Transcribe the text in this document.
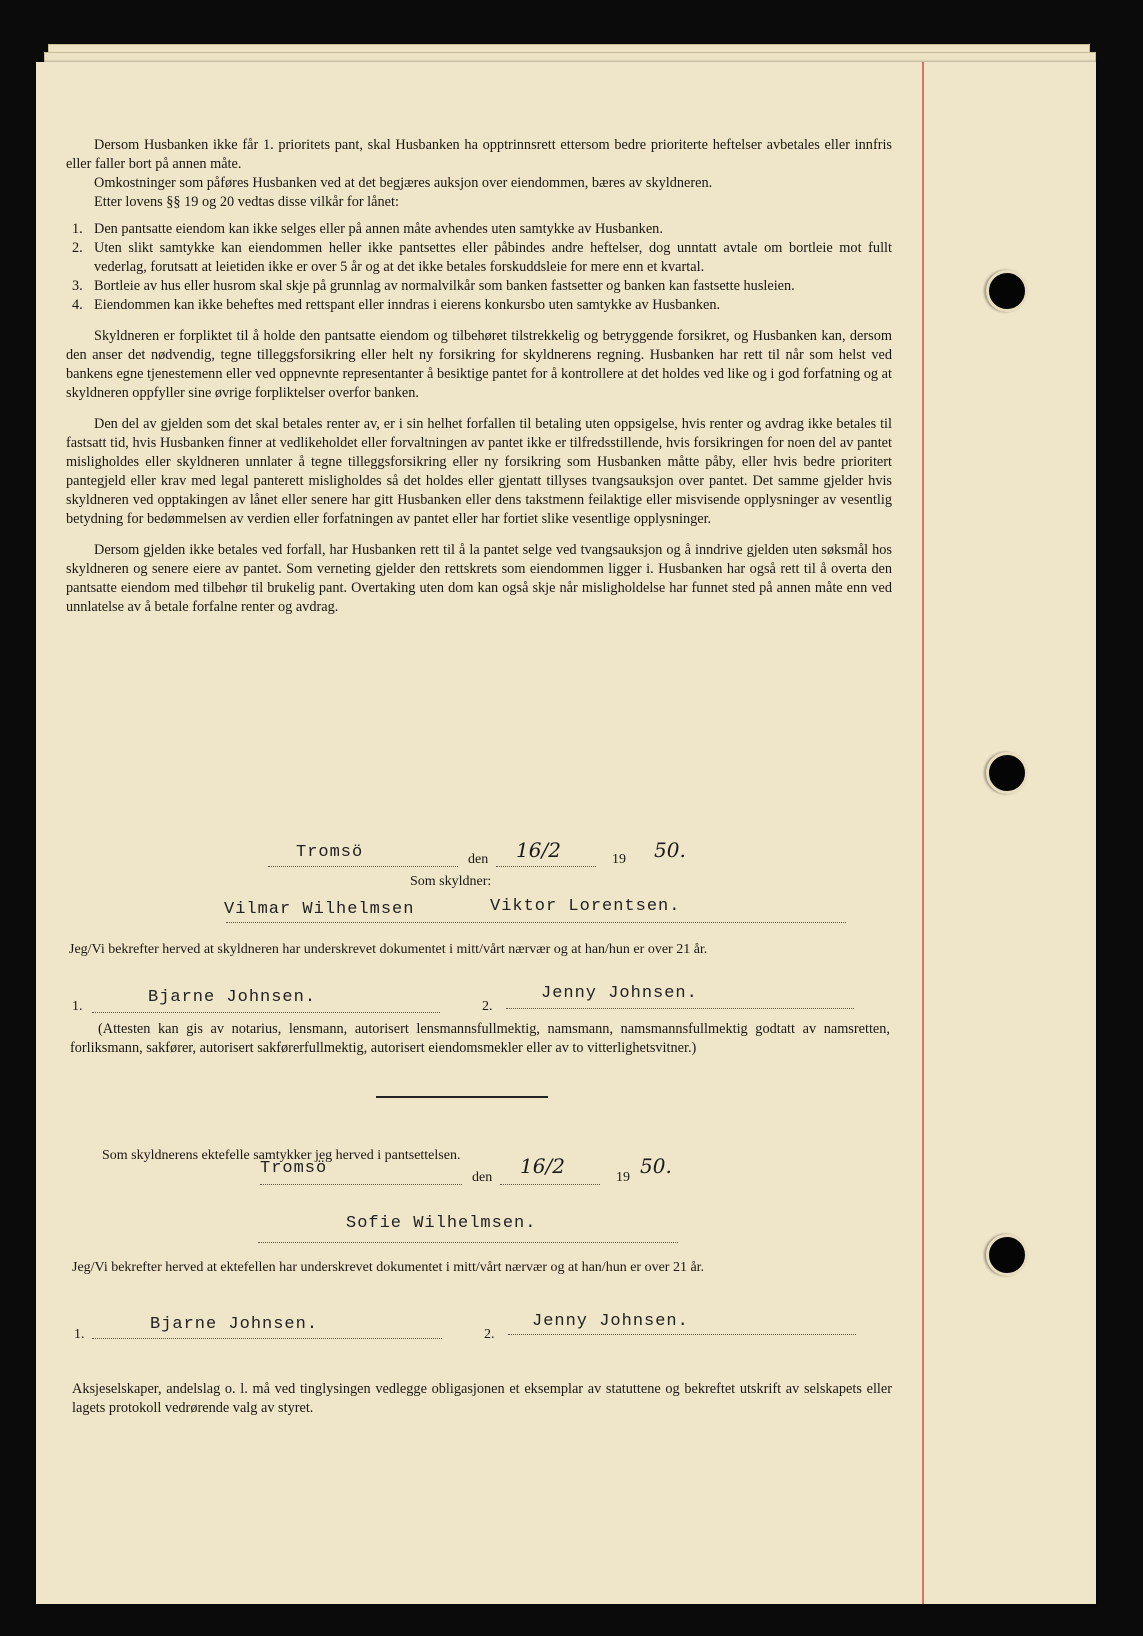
Dersom Husbanken ikke får 1. prioritets pant, skal Husbanken ha opptrinnsrett ettersom bedre prioriterte heftelser avbetales eller innfris eller faller bort på annen måte.

Omkostninger som påføres Husbanken ved at det begjæres auksjon over eiendommen, bæres av skyldneren.

Etter lovens §§ 19 og 20 vedtas disse vilkår for lånet:

1. Den pantsatte eiendom kan ikke selges eller på annen måte avhendes uten samtykke av Husbanken.
2. Uten slikt samtykke kan eiendommen heller ikke pantsettes eller påbindes andre heftelser, dog unntatt avtale om bortleie mot fullt vederlag, forutsatt at leietiden ikke er over 5 år og at det ikke betales forskuddsleie for mere enn et kvartal.
3. Bortleie av hus eller husrom skal skje på grunnlag av normalvilkår som banken fastsetter og banken kan fastsette husleien.
4. Eiendommen kan ikke beheftes med rettspant eller inndras i eierens konkursbo uten samtykke av Husbanken.

Skyldneren er forpliktet til å holde den pantsatte eiendom og tilbehøret tilstrekkelig og betryggende forsikret, og Husbanken kan, dersom den anser det nødvendig, tegne tilleggsforsikring eller helt ny forsikring for skyldnerens regning. Husbanken har rett til når som helst ved bankens egne tjenestemenn eller ved oppnevnte representanter å besiktige pantet for å kontrollere at det holdes ved like og i god forfatning og at skyldneren oppfyller sine øvrige forpliktelser overfor banken.

Den del av gjelden som det skal betales renter av, er i sin helhet forfallen til betaling uten oppsigelse, hvis renter og avdrag ikke betales til fastsatt tid, hvis Husbanken finner at vedlikeholdet eller forvaltningen av pantet ikke er tilfredsstillende, hvis forsikringen for noen del av pantet misligholdes eller skyldneren unnlater å tegne tilleggsforsikring eller ny forsikring som Husbanken måtte påby, eller hvis bedre prioritert pantegjeld eller krav med legal panterett misligholdes så det holdes eller gjentatt tillyses tvangsauksjon over pantet. Det samme gjelder hvis skyldneren ved opptakingen av lånet eller senere har gitt Husbanken eller dens takstmenn feilaktige eller misvisende opplysninger av vesentlig betydning for bedømmelsen av verdien eller forfatningen av pantet eller har fortiet slike vesentlige opplysninger.

Dersom gjelden ikke betales ved forfall, har Husbanken rett til å la pantet selge ved tvangsauksjon og å inndrive gjelden uten søksmål hos skyldneren og senere eiere av pantet. Som verneting gjelder den rettskrets som eiendommen ligger i. Husbanken har også rett til å overta den pantsatte eiendom med tilbehør til brukelig pant. Overtaking uten dom kan også skje når misligholdelse har funnet sted på annen måte enn ved unnlatelse av å betale forfalne renter og avdrag.

Tromsö	den 16/2	19 50.
Som skyldner:
Vilmar Wilhelmsen	Viktor Lorentsen.
Jeg/Vi bekrefter herved at skyldneren har underskrevet dokumentet i mitt/vårt nærvær og at han/hun er over 21 år.
1.	Bjarne Johnsen.	2.
Jenny Johnsen.

(Attesten kan gis av notarius, lensmann, autorisert lensmannsfullmektig, namsmann, namsmannsfullmektig godtatt av namsretten, forliksmann, sakfører, autorisert sakførerfullmektig, autorisert eiendomsmekler eller av to vitterlighetsvitner.)

Som skyldnerens ektefelle samtykker jeg herved i pantsettelsen.
Tromsö	den 16/2	19 50.
Sofie Wilhelmsen.
Jeg/Vi bekrefter herved at ektefellen har underskrevet dokumentet i mitt/vårt nærvær og at han/hun er over 21 år.
1.
Bjarne Johnsen.
2.
Jenny Johnsen.

Aksjeselskaper, andelslag o. l. må ved tinglysingen vedlegge obligasjonen et eksemplar av statuttene og bekreftet utskrift av selskapets eller lagets protokoll vedrørende valg av styret.
